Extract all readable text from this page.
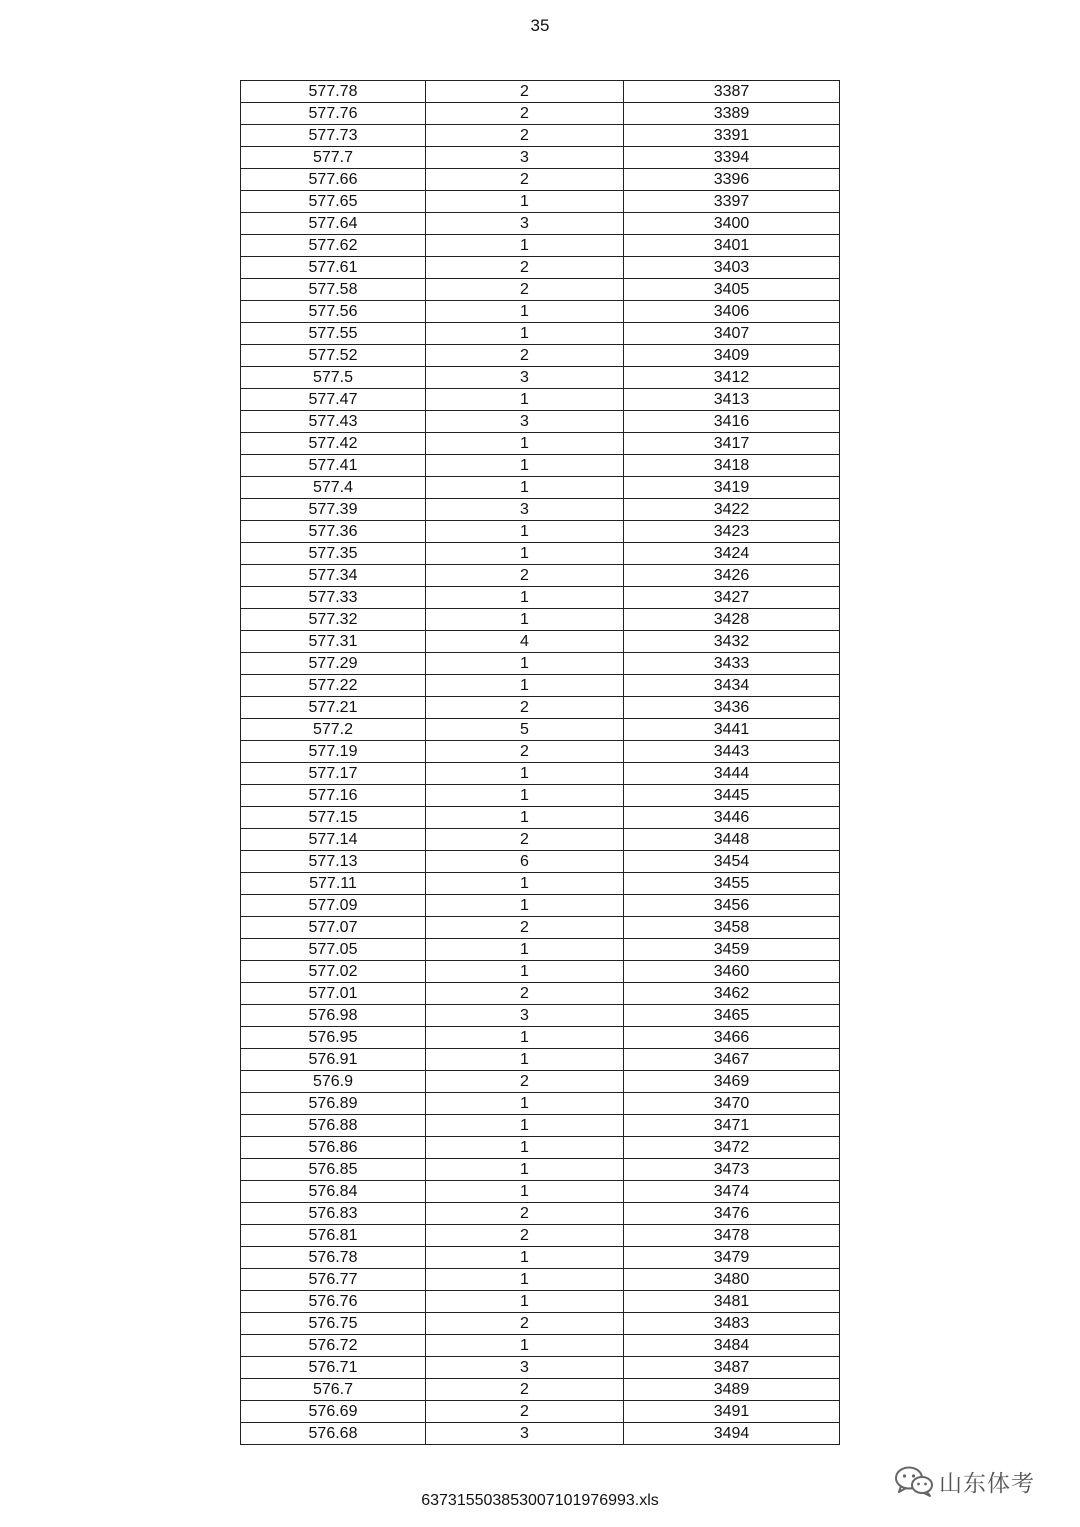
35
577.78	2	3387
577.76	2	3389
577.73	2	3391
577.7	3	3394
577.66	2	3396
577.65	1	3397
577.64	3	3400
577.62	1	3401
577.61	2	3403
577.58	2	3405
577.56	1	3406
577.55	1	3407
577.52	2	3409
577.5	3	3412
577.47	1	3413
577.43	3	3416
577.42	1	3417
577.41	1	3418
577.4	1	3419
577.39	3	3422
577.36	1	3423
577.35	1	3424
577.34	2	3426
577.33	1	3427
577.32	1	3428
577.31	4	3432
577.29	1	3433
577.22	1	3434
577.21	2	3436
577.2	5	3441
577.19	2	3443
577.17	1	3444
577.16	1	3445
577.15	1	3446
577.14	2	3448
577.13	6	3454
577.11	1	3455
577.09	1	3456
577.07	2	3458
577.05	1	3459
577.02	1	3460
577.01	2	3462
576.98	3	3465
576.95	1	3466
576.91	1	3467
576.9	2	3469
576.89	1	3470
576.88	1	3471
576.86	1	3472
576.85	1	3473
576.84	1	3474
576.83	2	3476
576.81	2	3478
576.78	1	3479
576.77	1	3480
576.76	1	3481
576.75	2	3483
576.72	1	3484
576.71	3	3487
576.7	2	3489
576.69	2	3491
576.68	3	3494
山东体考
637315503853007101976993.xls
